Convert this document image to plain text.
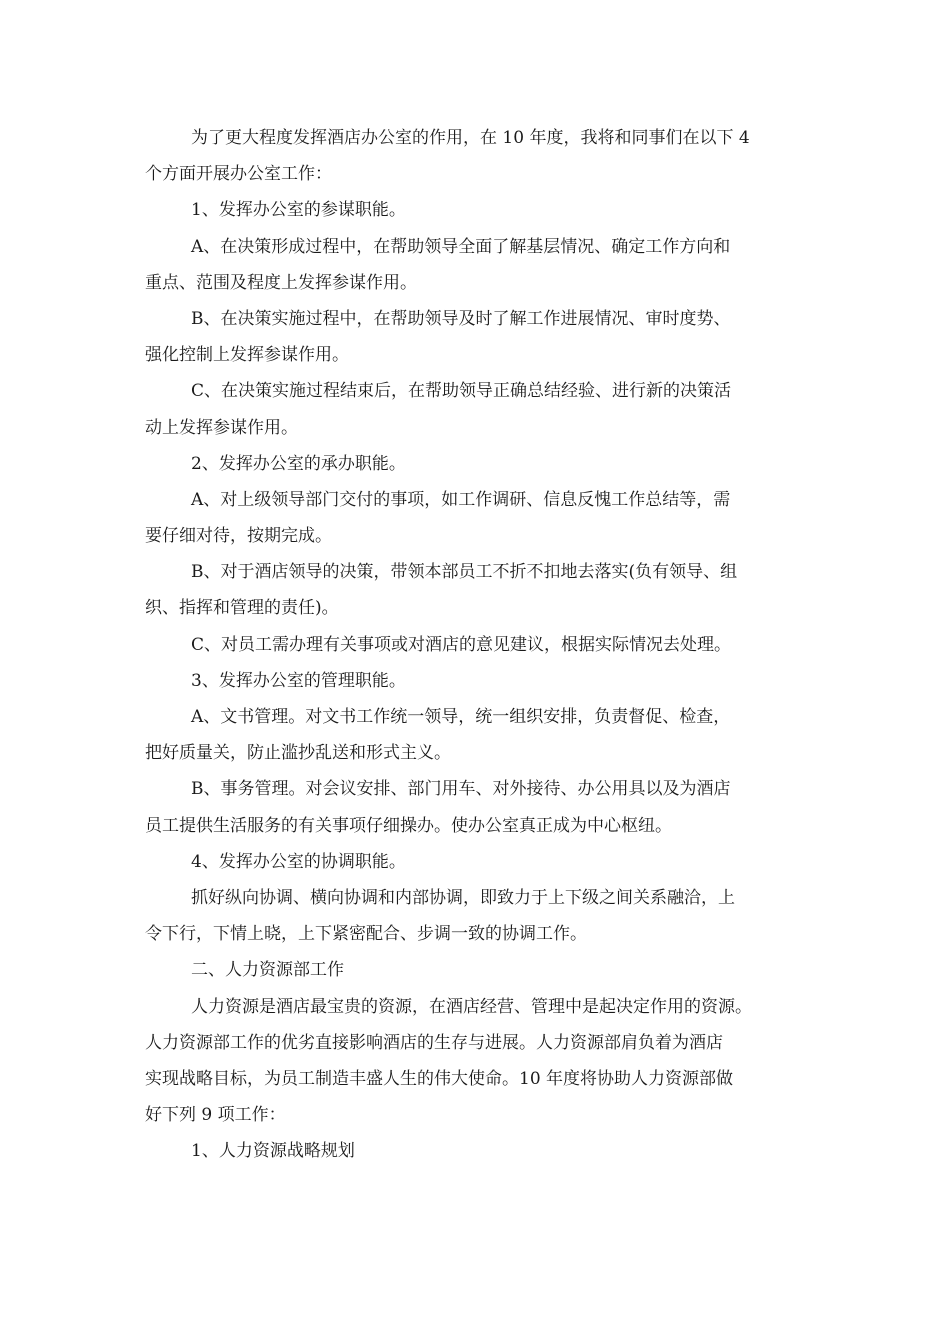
为了更大程度发挥酒店办公室的作用，在 10 年度，我将和同事们在以下 4
个方面开展办公室工作：
1、发挥办公室的参谋职能。
A、在决策形成过程中，在帮助领导全面了解基层情况、确定工作方向和
重点、范围及程度上发挥参谋作用。
B、在决策实施过程中，在帮助领导及时了解工作进展情况、审时度势、
强化控制上发挥参谋作用。
C、在决策实施过程结束后，在帮助领导正确总结经验、进行新的决策活
动上发挥参谋作用。
2、发挥办公室的承办职能。
A、对上级领导部门交付的事项，如工作调研、信息反愧工作总结等，需
要仔细对待，按期完成。
B、对于酒店领导的决策，带领本部员工不折不扣地去落实(负有领导、组
织、指挥和管理的责任)。
C、对员工需办理有关事项或对酒店的意见建议，根据实际情况去处理。
3、发挥办公室的管理职能。
A、文书管理。对文书工作统一领导，统一组织安排，负责督促、检查，
把好质量关，防止滥抄乱送和形式主义。
B、事务管理。对会议安排、部门用车、对外接待、办公用具以及为酒店
员工提供生活服务的有关事项仔细操办。使办公室真正成为中心枢纽。
4、发挥办公室的协调职能。
抓好纵向协调、横向协调和内部协调，即致力于上下级之间关系融洽，上
令下行，下情上晓，上下紧密配合、步调一致的协调工作。
二、人力资源部工作
人力资源是酒店最宝贵的资源，在酒店经营、管理中是起决定作用的资源。
人力资源部工作的优劣直接影响酒店的生存与进展。人力资源部肩负着为酒店
实现战略目标，为员工制造丰盛人生的伟大使命。10 年度将协助人力资源部做
好下列 9 项工作：
1、人力资源战略规划
